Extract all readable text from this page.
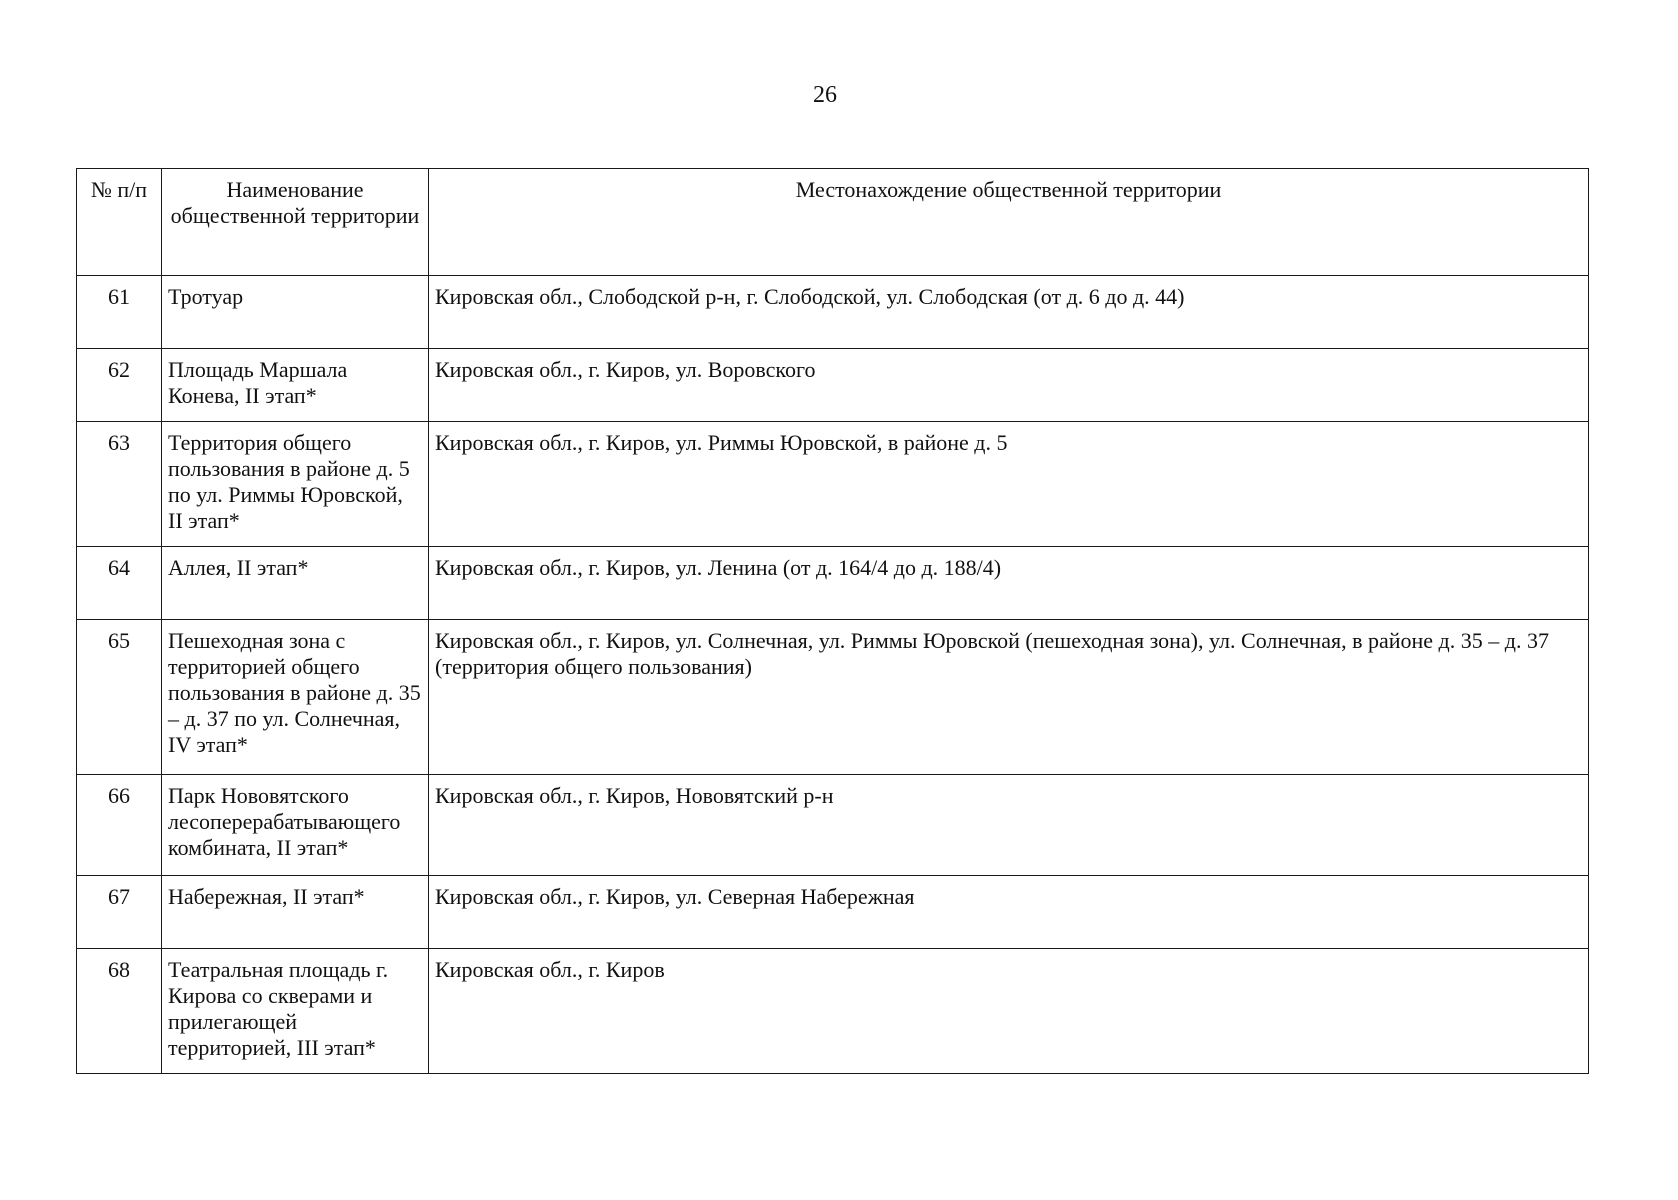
26
№ п/п	Наименование общественной территории	Местонахождение общественной территории
61	Тротуар	Кировская обл., Слободской р-н, г. Слободской, ул. Слободская (от д. 6 до д. 44)
62	Площадь Маршала Конева, II этап*	Кировская обл., г. Киров, ул. Воровского
63	Территория общего пользования в районе д. 5 по ул. Риммы Юровской, II этап*	Кировская обл., г. Киров, ул. Риммы Юровской, в районе д. 5
64	Аллея, II этап*	Кировская обл., г. Киров, ул. Ленина (от д. 164/4 до д. 188/4)
65	Пешеходная зона с территорией общего пользования в районе д. 35 – д. 37 по ул. Солнечная, IV этап*	Кировская обл., г. Киров, ул. Солнечная, ул. Риммы Юровской (пешеходная зона), ул. Солнечная, в районе д. 35 – д. 37 (территория общего пользования)
66	Парк Нововятского лесоперерабатывающего комбината, II этап*	Кировская обл., г. Киров, Нововятский р-н
67	Набережная, II этап*	Кировская обл., г. Киров, ул. Северная Набережная
68	Театральная площадь г. Кирова со скверами и прилегающей территорией, III этап*	Кировская обл., г. Киров
